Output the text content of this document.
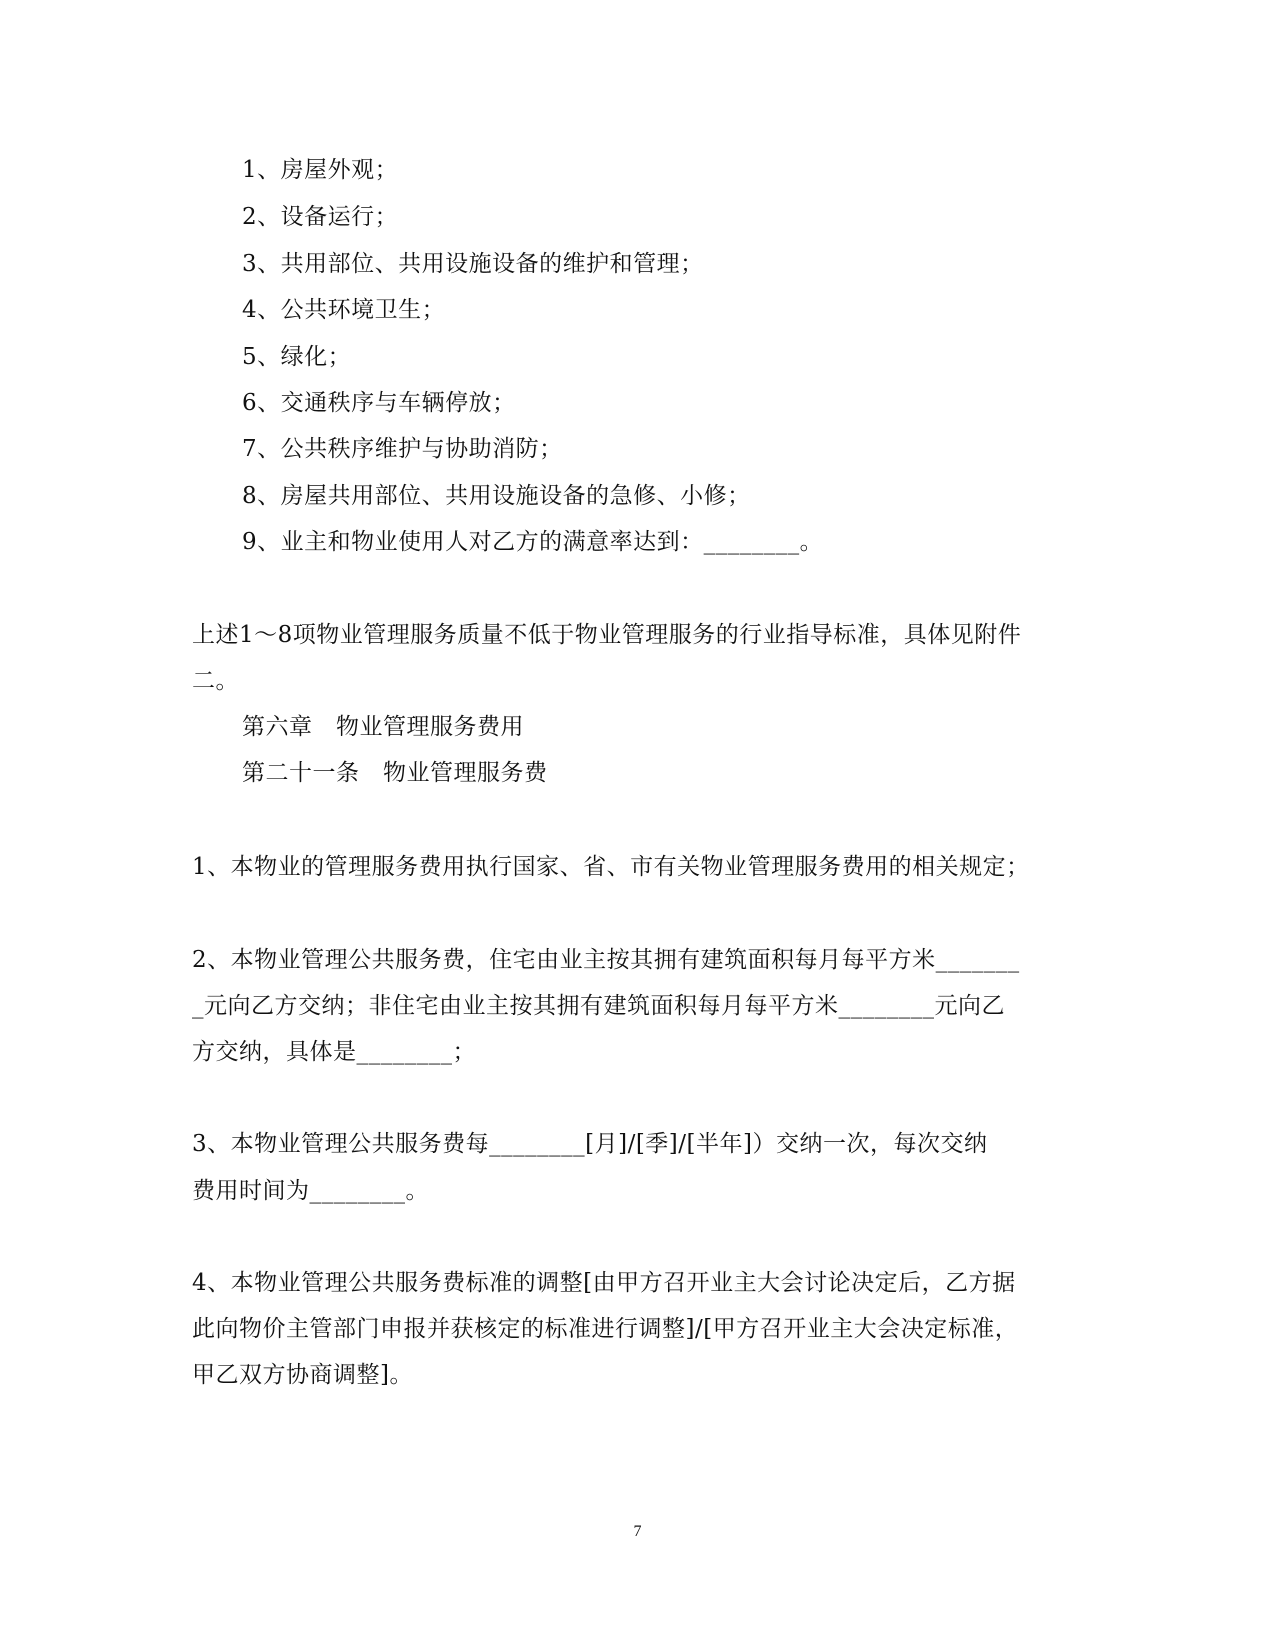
1、房屋外观；
2、设备运行；
3、共用部位、共用设施设备的维护和管理；
4、公共环境卫生；
5、绿化；
6、交通秩序与车辆停放；
7、公共秩序维护与协助消防；
8、房屋共用部位、共用设施设备的急修、小修；
9、业主和物业使用人对乙方的满意率达到：________。
上述1～8项物业管理服务质量不低于物业管理服务的行业指导标准，具体见附件
二。
第六章　物业管理服务费用
第二十一条　物业管理服务费
1、本物业的管理服务费用执行国家、省、市有关物业管理服务费用的相关规定；
2、本物业管理公共服务费，住宅由业主按其拥有建筑面积每月每平方米_______
_元向乙方交纳；非住宅由业主按其拥有建筑面积每月每平方米________元向乙
方交纳，具体是________；
3、本物业管理公共服务费每________[月]/[季]/[半年]）交纳一次，每次交纳
费用时间为________。
4、本物业管理公共服务费标准的调整[由甲方召开业主大会讨论决定后，乙方据
此向物价主管部门申报并获核定的标准进行调整]/[甲方召开业主大会决定标准，
甲乙双方协商调整]。
7
